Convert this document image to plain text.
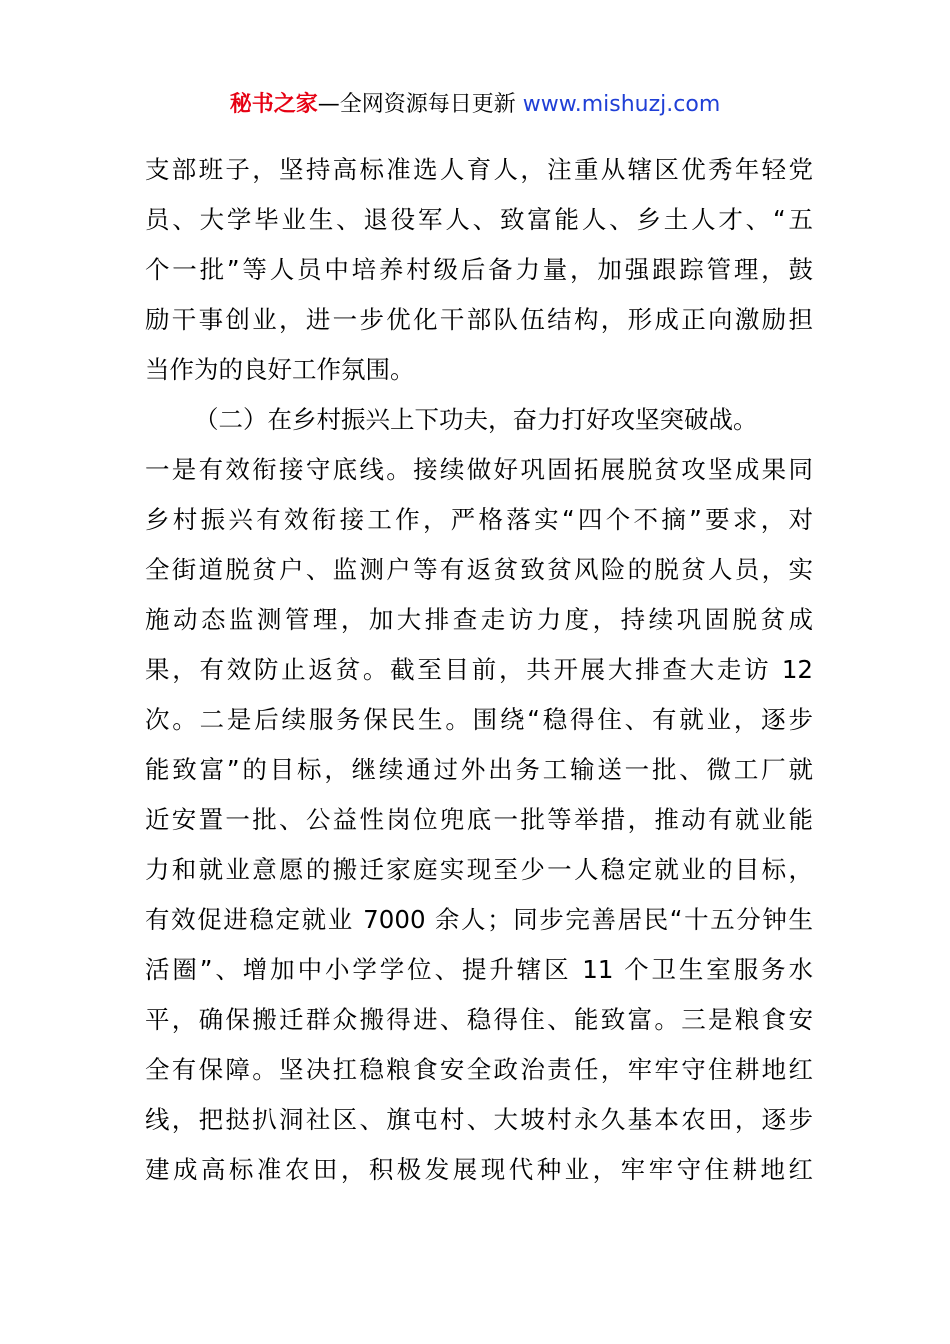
秘书之家—全网资源每日更新 www.mishuzj.com
支部班子，坚持高标准选人育人，注重从辖区优秀年轻党
员、大学毕业生、退役军人、致富能人、乡土人才、“五
个一批”等人员中培养村级后备力量，加强跟踪管理，鼓
励干事创业，进一步优化干部队伍结构，形成正向激励担
当作为的良好工作氛围。
（二）在乡村振兴上下功夫，奋力打好攻坚突破战。
一是有效衔接守底线。接续做好巩固拓展脱贫攻坚成果同
乡村振兴有效衔接工作，严格落实“四个不摘”要求，对
全街道脱贫户、监测户等有返贫致贫风险的脱贫人员，实
施动态监测管理，加大排查走访力度，持续巩固脱贫成
果，有效防止返贫。截至目前，共开展大排查大走访 12
次。二是后续服务保民生。围绕“稳得住、有就业，逐步
能致富”的目标，继续通过外出务工输送一批、微工厂就
近安置一批、公益性岗位兜底一批等举措，推动有就业能
力和就业意愿的搬迁家庭实现至少一人稳定就业的目标，
有效促进稳定就业 7000 余人；同步完善居民“十五分钟生
活圈”、增加中小学学位、提升辖区 11 个卫生室服务水
平，确保搬迁群众搬得进、稳得住、能致富。三是粮食安
全有保障。坚决扛稳粮食安全政治责任，牢牢守住耕地红
线，把挞扒洞社区、旗屯村、大坡村永久基本农田，逐步
建成高标准农田，积极发展现代种业，牢牢守住耕地红
